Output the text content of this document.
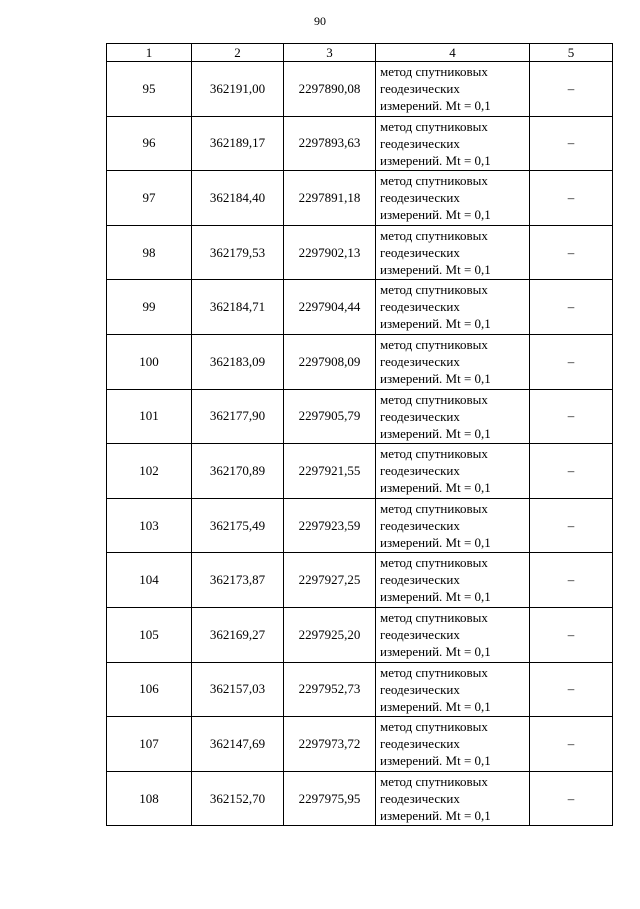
90
1	2	3	4	5
95	362191,00	2297890,08	метод спутниковых
геодезических
измерений. Mt = 0,1	–
96	362189,17	2297893,63	метод спутниковых
геодезических
измерений. Mt = 0,1	–
97	362184,40	2297891,18	метод спутниковых
геодезических
измерений. Mt = 0,1	–
98	362179,53	2297902,13	метод спутниковых
геодезических
измерений. Mt = 0,1	–
99	362184,71	2297904,44	метод спутниковых
геодезических
измерений. Mt = 0,1	–
100	362183,09	2297908,09	метод спутниковых
геодезических
измерений. Mt = 0,1	–
101	362177,90	2297905,79	метод спутниковых
геодезических
измерений. Mt = 0,1	–
102	362170,89	2297921,55	метод спутниковых
геодезических
измерений. Mt = 0,1	–
103	362175,49	2297923,59	метод спутниковых
геодезических
измерений. Mt = 0,1	–
104	362173,87	2297927,25	метод спутниковых
геодезических
измерений. Mt = 0,1	–
105	362169,27	2297925,20	метод спутниковых
геодезических
измерений. Mt = 0,1	–
106	362157,03	2297952,73	метод спутниковых
геодезических
измерений. Mt = 0,1	–
107	362147,69	2297973,72	метод спутниковых
геодезических
измерений. Mt = 0,1	–
108	362152,70	2297975,95	метод спутниковых
геодезических
измерений. Mt = 0,1	–
